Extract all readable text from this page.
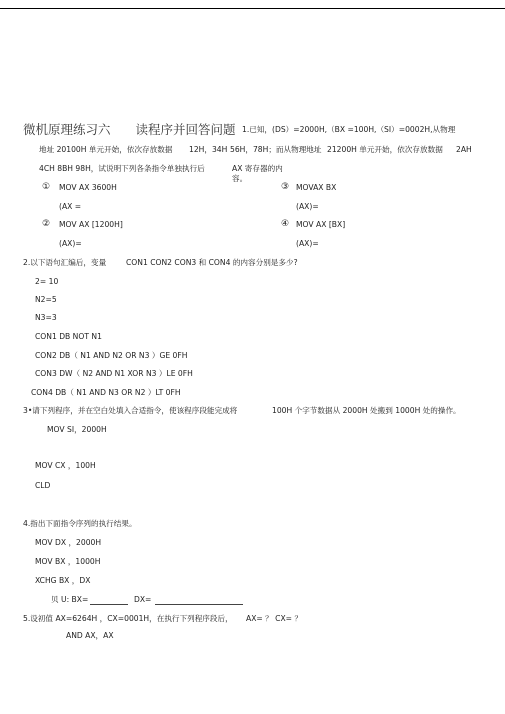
微机原理练习六　　读程序并回答问题 1.已知，(DS）=2000H,（BX =100H,（SI）=0002H,从物理
地址 20100H 单元开始，依次存放数据 12H，34H 56H，78H；而从物理地址 21200H 单元开始，依次存放数据 2AH
4CH 8BH 98H，试说明下列各条指令单独执行后	AX 寄存器的内
容。
① MOV AX 3600H
(AX =
② MOV AX [1200H]
(AX)=
③ MOVAX BX
(AX)=
④ MOV AX [BX]
(AX)=
2.以下语句汇编后，变量	CON1 CON2 CON3 和 CON4 的内容分别是多少?
2= 10
N2=5
N3=3
CON1 DB NOT N1
CON2 DB（ N1 AND N2 OR N3 ）GE 0FH
CON3 DW（ N2 AND N1 XOR N3 ）LE 0FH
CON4 DB（ N1 AND N3 OR N2 ）LT 0FH
3•请下列程序，并在空白处填入合适指令，使该程序段能完成将	100H 个字节数据从 2000H 处搬到 1000H 处的操作。
MOV SI，2000H
MOV CX ，100H
CLD
4.指出下面指令序列的执行结果。
MOV DX ，2000H
MOV BX ，1000H
XCHG BX ，DX
贝 U: BX=	DX=
5.设初值 AX=6264H ，CX=0001H，在执行下列程序段后， AX= ？ CX= ？
AND AX，AX
